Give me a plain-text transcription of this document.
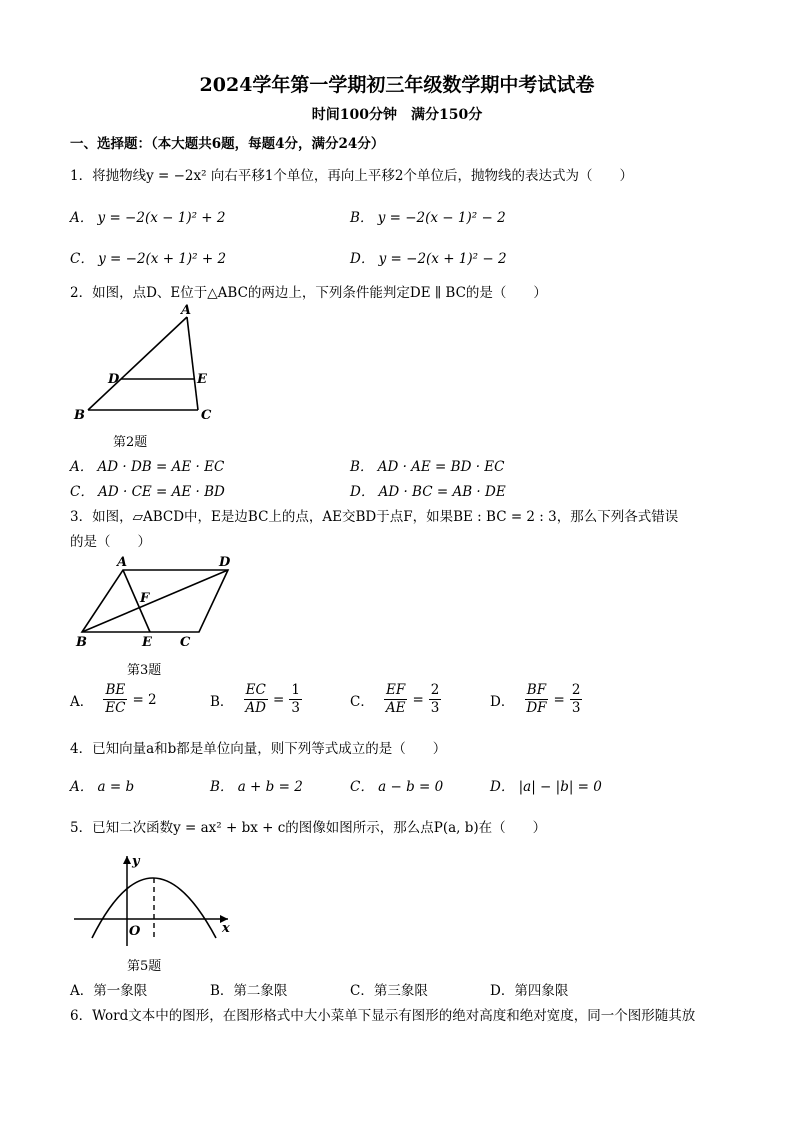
2024学年第一学期初三年级数学期中考试试卷
时间100分钟　满分150分
一、选择题：（本大题共6题，每题4分，满分24分）
1．将抛物线y = −2x² 向右平移1个单位，再向上平移2个单位后，抛物线的表达式为（　　）
A． y = −2(x − 1)² + 2	B． y = −2(x − 1)² − 2
C． y = −2(x + 1)² + 2	D． y = −2(x + 1)² − 2
2．如图，点D、E位于△ABC的两边上，下列条件能判定DE ∥ BC的是（　　）
A
D	E
B	C
第2题
A． AD · DB = AE · EC	B． AD · AE = BD · EC
C． AD · CE = AE · BD	D． AD · BC = AB · DE
3．如图，▱ABCD中，E是边BC上的点，AE交BD于点F，如果BE : BC = 2 : 3，那么下列各式错误
的是（　　）
A	D
F
B	E C
第3题
A． $\frac{BE}{EC} = 2$	B． $\frac{EC}{AD} = \frac{1}{3}$	C． $\frac{EF}{AE} = \frac{2}{3}$	D． $\frac{BF}{DF} = \frac{2}{3}$
4．已知向量a和b都是单位向量，则下列等式成立的是（　　）
A． a = b	B． a + b = 2	C． a − b = 0	D． |a| − |b| = 0
5．已知二次函数y = ax² + bx + c的图像如图所示，那么点P(a, b)在（　　）
y
x
O
第5题
A．第一象限	B．第二象限	C．第三象限	D．第四象限
6．Word文本中的图形，在图形格式中大小菜单下显示有图形的绝对高度和绝对宽度，同一个图形随其放
